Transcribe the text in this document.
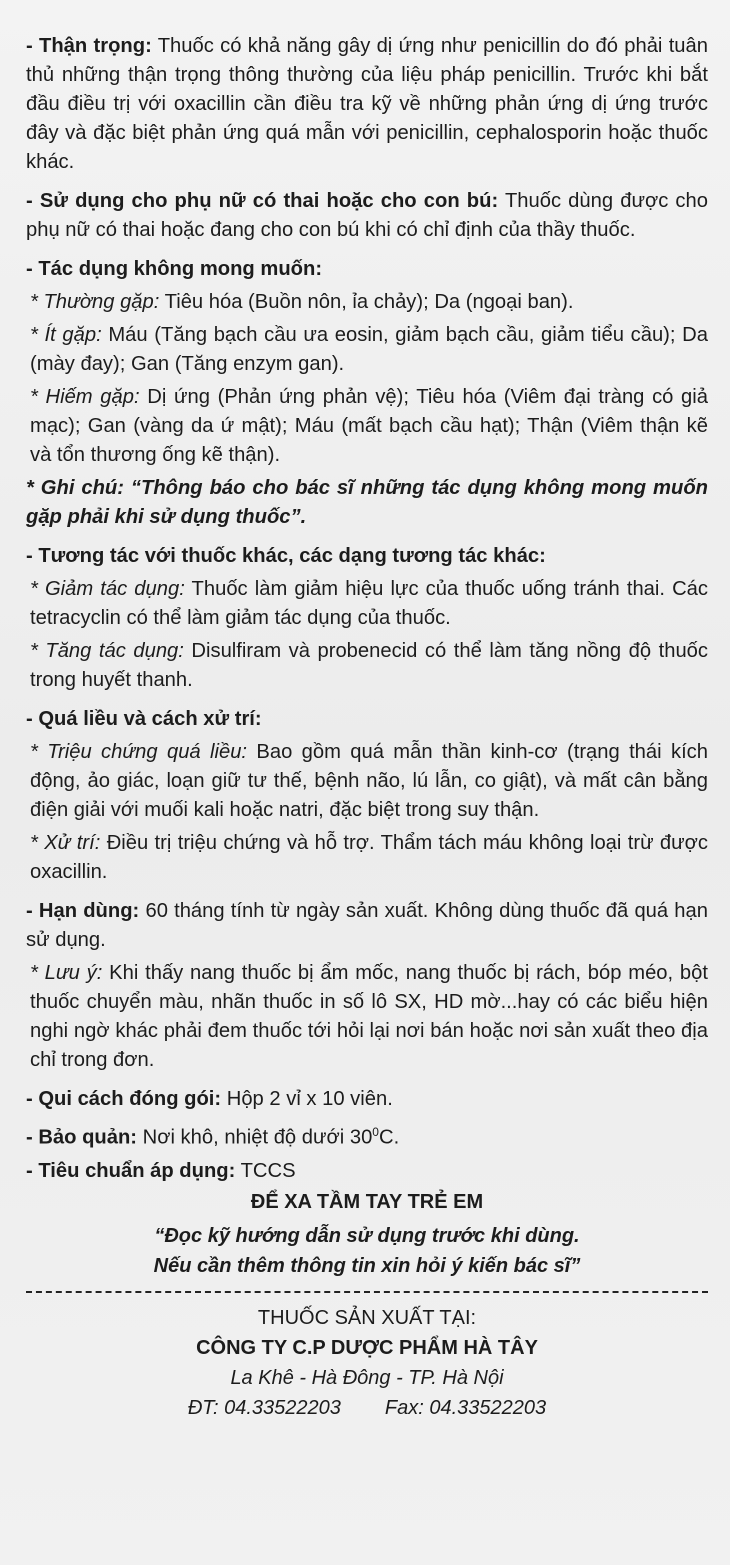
- Thận trọng: Thuốc có khả năng gây dị ứng như penicillin do đó phải tuân thủ những thận trọng thông thường của liệu pháp penicillin. Trước khi bắt đầu điều trị với oxacillin cần điều tra kỹ về những phản ứng dị ứng trước đây và đặc biệt phản ứng quá mẫn với penicillin, cephalosporin hoặc thuốc khác.

- Sử dụng cho phụ nữ có thai hoặc cho con bú: Thuốc dùng được cho phụ nữ có thai hoặc đang cho con bú khi có chỉ định của thầy thuốc.

- Tác dụng không mong muốn:

* Thường gặp: Tiêu hóa (Buồn nôn, ỉa chảy); Da (ngoại ban).

* Ít gặp: Máu (Tăng bạch cầu ưa eosin, giảm bạch cầu, giảm tiểu cầu); Da (mày đay); Gan (Tăng enzym gan).

* Hiếm gặp: Dị ứng (Phản ứng phản vệ); Tiêu hóa (Viêm đại tràng có giả mạc); Gan (vàng da ứ mật); Máu (mất bạch cầu hạt); Thận (Viêm thận kẽ và tổn thương ống kẽ thận).

* Ghi chú: “Thông báo cho bác sĩ những tác dụng không mong muốn gặp phải khi sử dụng thuốc”.

- Tương tác với thuốc khác, các dạng tương tác khác:

* Giảm tác dụng: Thuốc làm giảm hiệu lực của thuốc uống tránh thai. Các tetracyclin có thể làm giảm tác dụng của thuốc.

* Tăng tác dụng: Disulfiram và probenecid có thể làm tăng nồng độ thuốc trong huyết thanh.

- Quá liều và cách xử trí:

* Triệu chứng quá liều: Bao gồm quá mẫn thần kinh-cơ (trạng thái kích động, ảo giác, loạn giữ tư thế, bệnh não, lú lẫn, co giật), và mất cân bằng điện giải với muối kali hoặc natri, đặc biệt trong suy thận.

* Xử trí: Điều trị triệu chứng và hỗ trợ. Thẩm tách máu không loại trừ được oxacillin.

- Hạn dùng: 60 tháng tính từ ngày sản xuất. Không dùng thuốc đã quá hạn sử dụng.

* Lưu ý: Khi thấy nang thuốc bị ẩm mốc, nang thuốc bị rách, bóp méo, bột thuốc chuyển màu, nhãn thuốc in số lô SX, HD mờ...hay có các biểu hiện nghi ngờ khác phải đem thuốc tới hỏi lại nơi bán hoặc nơi sản xuất theo địa chỉ trong đơn.

- Qui cách đóng gói: Hộp 2 vỉ x 10 viên.

- Bảo quản: Nơi khô, nhiệt độ dưới $30^0C$.

- Tiêu chuẩn áp dụng: TCCS

ĐỂ XA TẦM TAY TRẺ EM

“Đọc kỹ hướng dẫn sử dụng trước khi dùng.

Nếu cần thêm thông tin xin hỏi ý kiến bác sĩ”

THUỐC SẢN XUẤT TẠI:

CÔNG TY C.P DƯỢC PHẨM HÀ TÂY

La Khê - Hà Đông - TP. Hà Nội

ĐT: 04.33522203 Fax: 04.33522203
